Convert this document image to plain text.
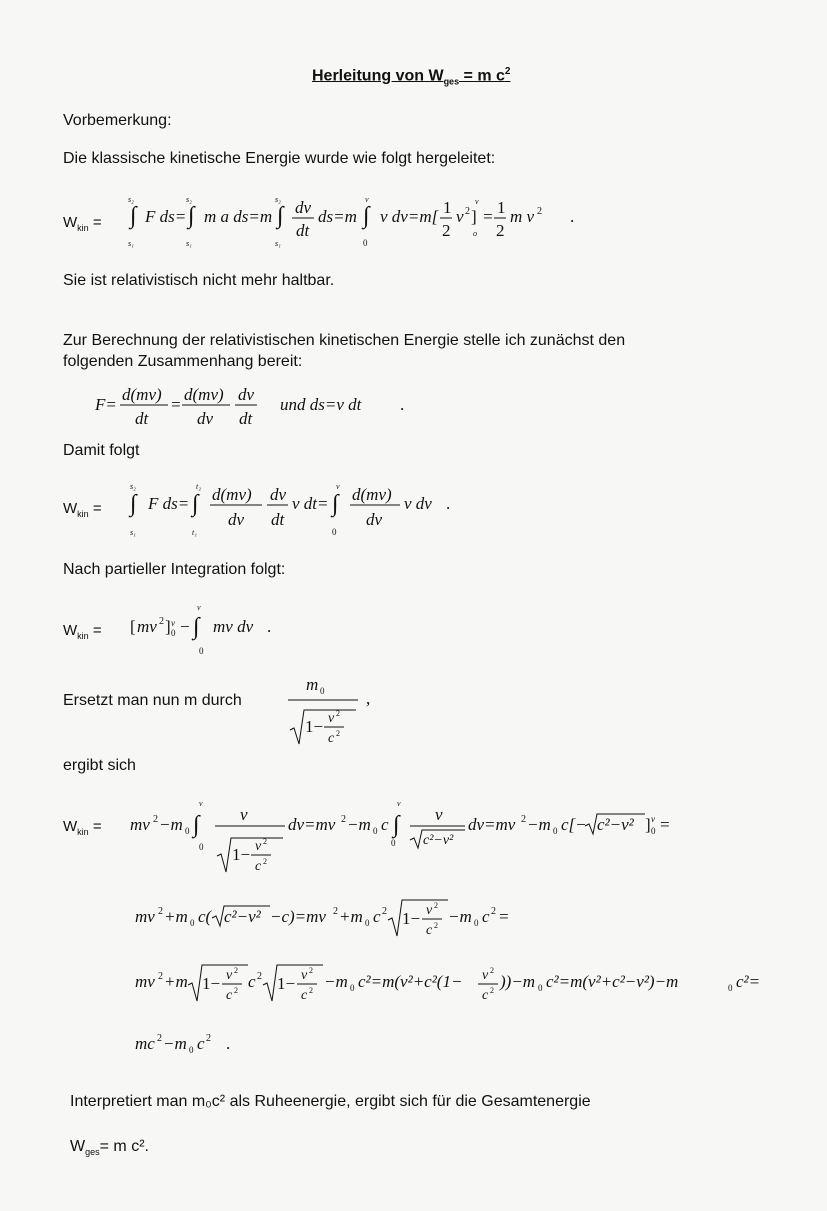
Herleitung von $W_{ges} = m$ $c^2$
Vorbemerkung:
Die klassische kinetische Energie wurde wie folgt hergeleitet:
$W_{kin}$ = ∫
s₂
s₁
F ds= ∫
s₂
s₁
m a ds=m ∫
s₂
s₁
dv
dt
ds=m ∫
v
0
v dv=m[ 1
2
v 2 ]
v
o
= 1
2
m v 2 .
Sie ist relativistisch nicht mehr haltbar.
Zur Berechnung der relativistischen kinetischen Energie stelle ich zunächst den
folgenden Zusammenhang bereit:
F=
d(mv)
dt
=
d(mv)
dv
dv
dt
und ds=v dt .
Damit folgt
$W_{kin}$ = ∫
s₂
s₁
F ds= ∫
t₂
t₁
d(mv)
dv
dv
dt
v dt= ∫
v
0
d(mv)
dv
v dv .
Nach partieller Integration folgt:
$W_{kin}$ = [ mv 2 ] v
0 − ∫
v
0
mv dv .
Ersetzt man nun m durch
m 0
1− v 2
c 2
,
ergibt sich
$W_{kin}$ = mv 2 −m 0 ∫
v
0
v
1− v 2
c 2
dv=mv 2 −m 0 c ∫
v
0
v
c²−v²
dv=mv 2 −m 0 c[− c²−v² ] v
0 =
mv 2 +m 0 c( c²−v² −c)=mv 2 +m 0 c 2 1− v 2
c 2 −m 0 c 2 =
mv 2 +m 1− v 2
c 2 c 2 1− v 2
c 2 −m 0 c²=m(v²+c²(1− v 2
c 2 ))−m 0 c²=m(v²+c²−v²)−m	0 c²=
mc 2 −m 0 c 2 .
Interpretiert man m₀c² als Ruheenergie, ergibt sich für die Gesamtenergie
$W_{ges}= m$ c².
